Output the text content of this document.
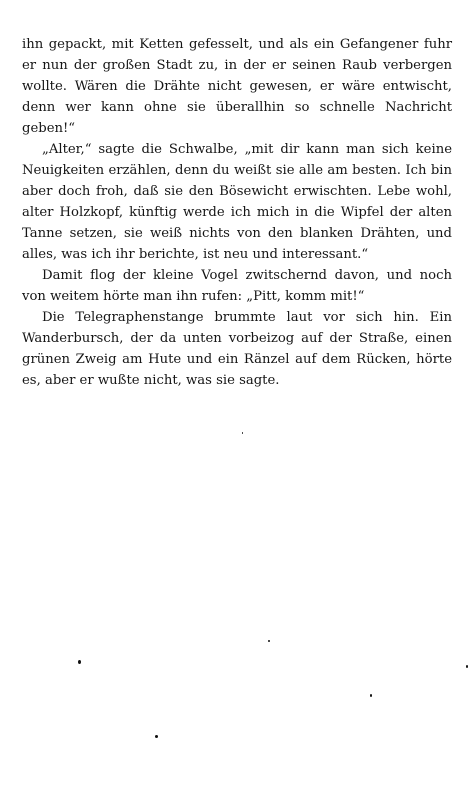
ihn gepackt, mit Ketten gefesselt, und als ein Gefangener fuhr er nun der großen Stadt zu, in der er seinen Raub verbergen wollte. Wären die Drähte nicht gewesen, er wäre entwischt, denn wer kann ohne sie überallhin so schnelle Nachricht geben!“

„Alter,“ sagte die Schwalbe, „mit dir kann man sich keine Neuigkeiten erzählen, denn du weißt sie alle am besten. Ich bin aber doch froh, daß sie den Bösewicht erwischten. Lebe wohl, alter Holzkopf, künftig werde ich mich in die Wipfel der alten Tanne setzen, sie weiß nichts von den blanken Drähten, und alles, was ich ihr berichte, ist neu und interessant.“

Damit flog der kleine Vogel zwitschernd davon, und noch von weitem hörte man ihn rufen: „Pitt, komm mit!“

Die Telegraphenstange brummte laut vor sich hin. Ein Wanderbursch, der da unten vorbeizog auf der Straße, einen grünen Zweig am Hute und ein Ränzel auf dem Rücken, hörte es, aber er wußte nicht, was sie sagte.
